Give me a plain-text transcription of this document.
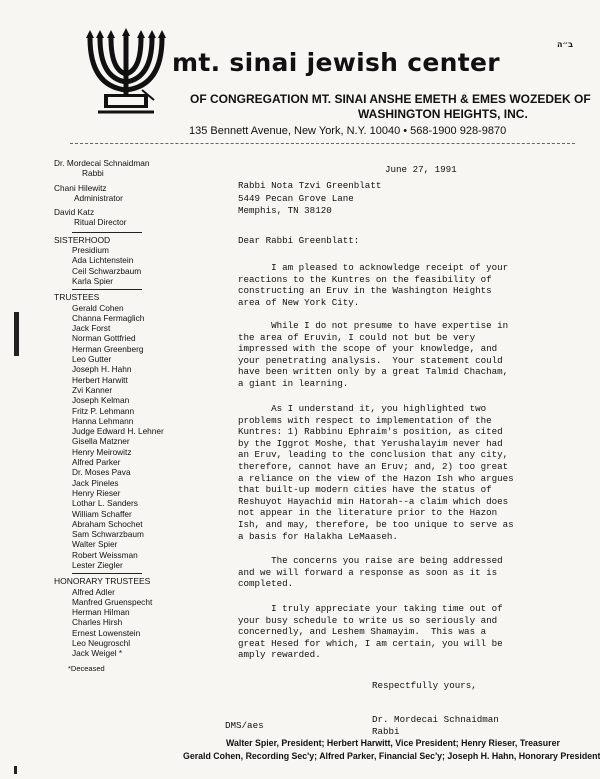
ב״ה
mt. sinai jewish center
OF CONGREGATION MT. SINAI ANSHE EMETH & EMES WOZEDEK OF
WASHINGTON HEIGHTS, INC.
135 Bennett Avenue, New York, N.Y. 10040 • 568-1900 928-9870
Dr. Mordecai Schnaidman
Rabbi
Chani Hilewitz
Administrator
David Katz
Ritual Director
SISTERHOOD
Presidium
Ada Lichtenstein
Ceil Schwarzbaum
Karla Spier
TRUSTEES
Gerald Cohen
Channa Fermaglich
Jack Forst
Norman Gottfried
Herman Greenberg
Leo Gutter
Joseph H. Hahn
Herbert Harwitt
Zvi Kanner
Joseph Kelman
Fritz P. Lehmann
Hanna Lehmann
Judge Edward H. Lehner
Gisella Matzner
Henry Meirowitz
Alfred Parker
Dr. Moses Pava
Jack Pineles
Henry Rieser
Lothar L. Sanders
William Schaffer
Abraham Schochet
Sam Schwarzbaum
Walter Spier
Robert Weissman
Lester Ziegler
HONORARY TRUSTEES
Alfred Adler
Manfred Gruenspecht
Herman Hilman
Charles Hirsh
Ernest Lowenstein
Leo Neugroschl
Jack Weigel *
*Deceased
June 27, 1991
Rabbi Nota Tzvi Greenblatt
5449 Pecan Grove Lane
Memphis, TN 38120
Dear Rabbi Greenblatt:
I am pleased to acknowledge receipt of your
reactions to the Kuntres on the feasibility of
constructing an Eruv in the Washington Heights
area of New York City.
While I do not presume to have expertise in
the area of Eruvin, I could not but be very
impressed with the scope of your knowledge, and
your penetrating analysis.  Your statement could
have been written only by a great Talmid Chacham,
a giant in learning.
As I understand it, you highlighted two
problems with respect to implementation of the
Kuntres: 1) Rabbinu Ephraim's position, as cited
by the Iggrot Moshe, that Yerushalayim never had
an Eruv, leading to the conclusion that any city,
therefore, cannot have an Eruv; and, 2) too great
a reliance on the view of the Hazon Ish who argues
that built-up modern cities have the status of
Reshuyot Hayachid min Hatorah--a claim which does
not appear in the literature prior to the Hazon
Ish, and may, therefore, be too unique to serve as
a basis for Halakha LeMaaseh.
The concerns you raise are being addressed
and we will forward a response as soon as it is
completed.
I truly appreciate your taking time out of
your busy schedule to write us so seriously and
concernedly, and Leshem Shamayim.  This was a
great Hesed for which, I am certain, you will be
amply rewarded.
Respectfully yours,
Dr. Mordecai Schnaidman
DMS/aes
Rabbi
Walter Spier, President; Herbert Harwitt, Vice President; Henry Rieser, Treasurer
Gerald Cohen, Recording Sec'y; Alfred Parker, Financial Sec'y; Joseph H. Hahn, Honorary President
